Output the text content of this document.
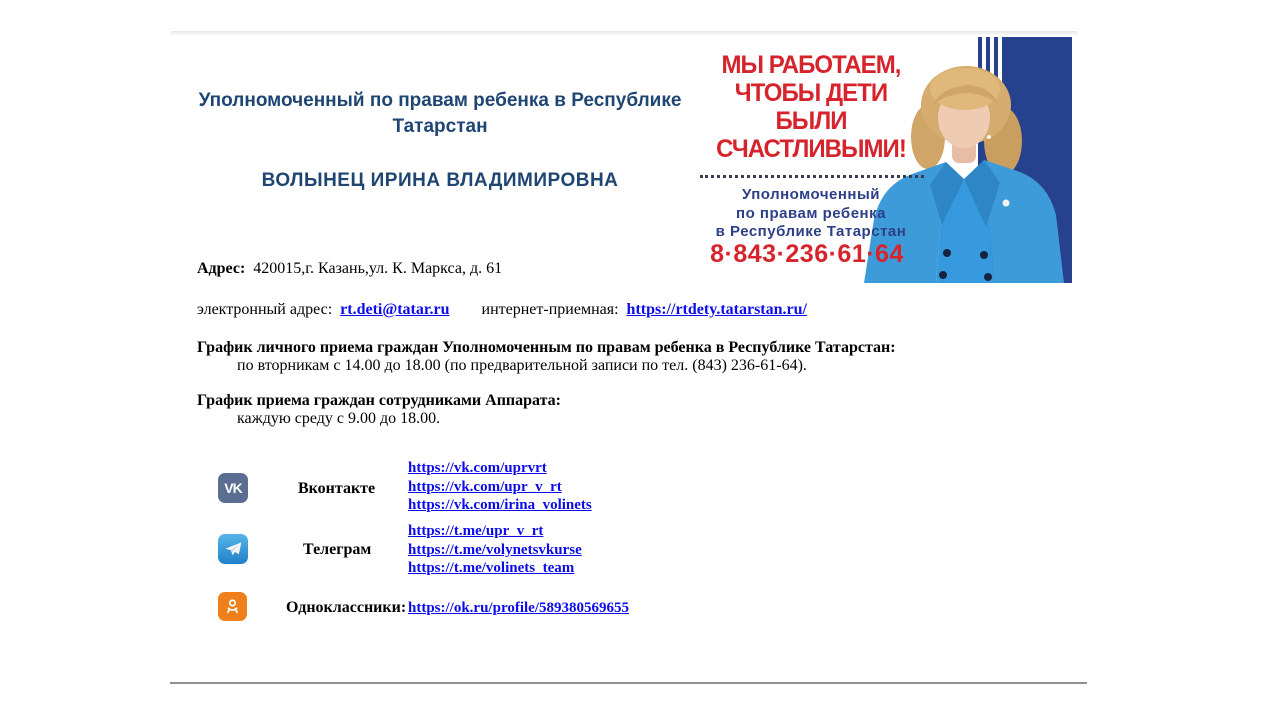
Уполномоченный по правам ребенка в Республике Татарстан
ВОЛЫНЕЦ ИРИНА ВЛАДИМИРОВНА
МЫ РАБОТАЕМ,
ЧТОБЫ ДЕТИ
БЫЛИ
СЧАСТЛИВЫМИ!
Уполномоченный
по правам ребенка
в Республике Татарстан
8·843·236·61·64
Адрес: 420015,г. Казань,ул. К. Маркса, д. 61
электронный адрес: rt.deti@tatar.ru интернет-приемная: https://rtdety.tatarstan.ru/
График личного приема граждан Уполномоченным по правам ребенка в Республике Татарстан:
по вторникам с 14.00 до 18.00 (по предварительной записи по тел. (843) 236-61-64).
График приема граждан сотрудниками Аппарата:
каждую среду с 9.00 до 18.00.
VK	Вконтакте
https://vk.com/uprvrt
https://vk.com/upr_v_rt
https://vk.com/irina_volinets
Телеграм
https://t.me/upr_v_rt
https://t.me/volynetsvkurse
https://t.me/volinets_team
Одноклассники: https://ok.ru/profile/589380569655
